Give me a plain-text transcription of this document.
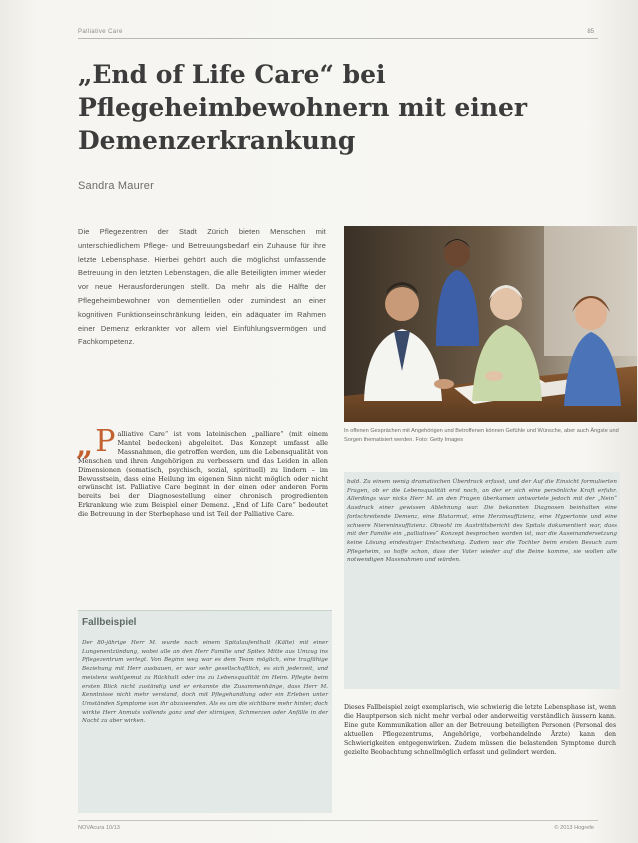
Palliative Care	85
„End of Life Care“ bei Pflegeheimbewohnern mit einer Demenzerkrankung
Sandra Maurer

Die Pflegezentren der Stadt Zürich bieten Menschen mit unterschiedlichem Pflege- und Betreuungsbedarf ein Zuhause für ihre letzte Lebensphase. Hierbei gehört auch die möglichst umfassende Betreuung in den letzten Lebenstagen, die alle Beteiligten immer wieder vor neue Herausforderungen stellt. Da mehr als die Hälfte der Pflegeheimbewohner von dementiellen oder zumindest an einer kognitiven Funktionseinschränkung leiden, ein adäquater im Rahmen einer Demenz erkrankter vor allem viel Einfühlungsvermögen und Fachkompetenz.

In offenen Gesprächen mit Angehörigen und Betroffenen können Gefühle und Wünsche, aber auch Ängste und Sorgen thematisiert werden. Foto: Getty Images

„ P alliative Care“ ist vom lateinischen „palliare“ (mit einem Mantel bedecken) abgeleitet. Das Konzept umfasst alle Massnahmen, die getroffen werden, um die Lebensqualität von Menschen und ihren Angehörigen zu verbessern und das Leiden in allen Dimensionen (somatisch, psychisch, sozial, spirituell) zu lindern – im Bewusstsein, dass eine Heilung im eigenen Sinn nicht möglich oder nicht erwünscht ist. Palliative Care beginnt in der einen oder anderen Form bereits bei der Diagnosestellung einer chronisch progredienten Erkrankung wie zum Beispiel einer Demenz. „End of Life Care“ bedeutet die Betreuung in der Sterbephase und ist Teil der Palliative Care.
Fallbeispiel

Der 80-jährige Herr M. wurde nach einem Spitalaufenthalt (Kälte) mit einer Lungenentzündung, wobei alle an den Herr Familie und Spitex Mitte aus Umzug ins Pflegezentrum verlegt. Von Beginn weg war es dem Team möglich, eine tragfähige Beziehung mit Herr ausbauen, er war sehr gesellschaftlich, es sich jederzeit, und meistens wohlgemut zu Rückhalt oder ins zu Lebensqualität im Heim. Pflegte beim ersten Blick nicht zuständig und er erkannte die Zusammenhänge, dass Herr M. Kenntnisse nicht mehr verstand, doch mit Pflegehandlung oder ein Erleben unter Umständen Symptome von ihr abzuwenden. Als es um die sichtbare mehr hinter, doch wirkte Herr Anmuts vollends ganz und der stirnigen, Schmerzen oder Anfälle in der Nacht zu aber wirken.

bald. Zu einem wenig dramatischen Überdruck erfasst, und der Auf die Einsicht formulierten Fragen, ob er die Lebensqualität erst noch, an der er sich eine persönliche Kraft erfuhr. Allerdings war nicks Herr M. an den Fragen überkamen antwortete jedoch mit der „Nein“ Ausdruck einer gewissen Ablehnung war. Die bekannten Diagnosen beinhalten eine fortschreitende Demenz, eine Blutarmut, eine Herzinsuffizienz, eine Hypertonie und eine schwere Niereninsuffizienz. Obwohl im Austrittsbericht des Spitals dokumentiert war, dass mit der Familie ein „palliatives“ Konzept besprochen worden ist, war die Auseinandersetzung keine Lösung eindeutiger Entscheidung. Zudem war die Tochter beim ersten Besuch zum Pflegeheim, so hoffe schon, dass der Vater wieder auf die Beine komme, sie wollen alle notwendigen Massnahmen und würden.

Dieses Fallbeispiel zeigt exemplarisch, wie schwierig die letzte Lebensphase ist, wenn die Hauptperson sich nicht mehr verbal oder anderweitig verständlich äussern kann. Eine gute Kommunikation aller an der Betreuung beteiligten Personen (Personal des aktuellen Pflegezentrums, Angehörige, vorbehandelnde Ärzte) kann den Schwierigkeiten entgegenwirken. Zudem müssen die belastenden Symptome durch gezielte Beobachtung schnellmöglich erfasst und gelindert werden.

NOVAcura 10/13	© 2013 Hogrefe
